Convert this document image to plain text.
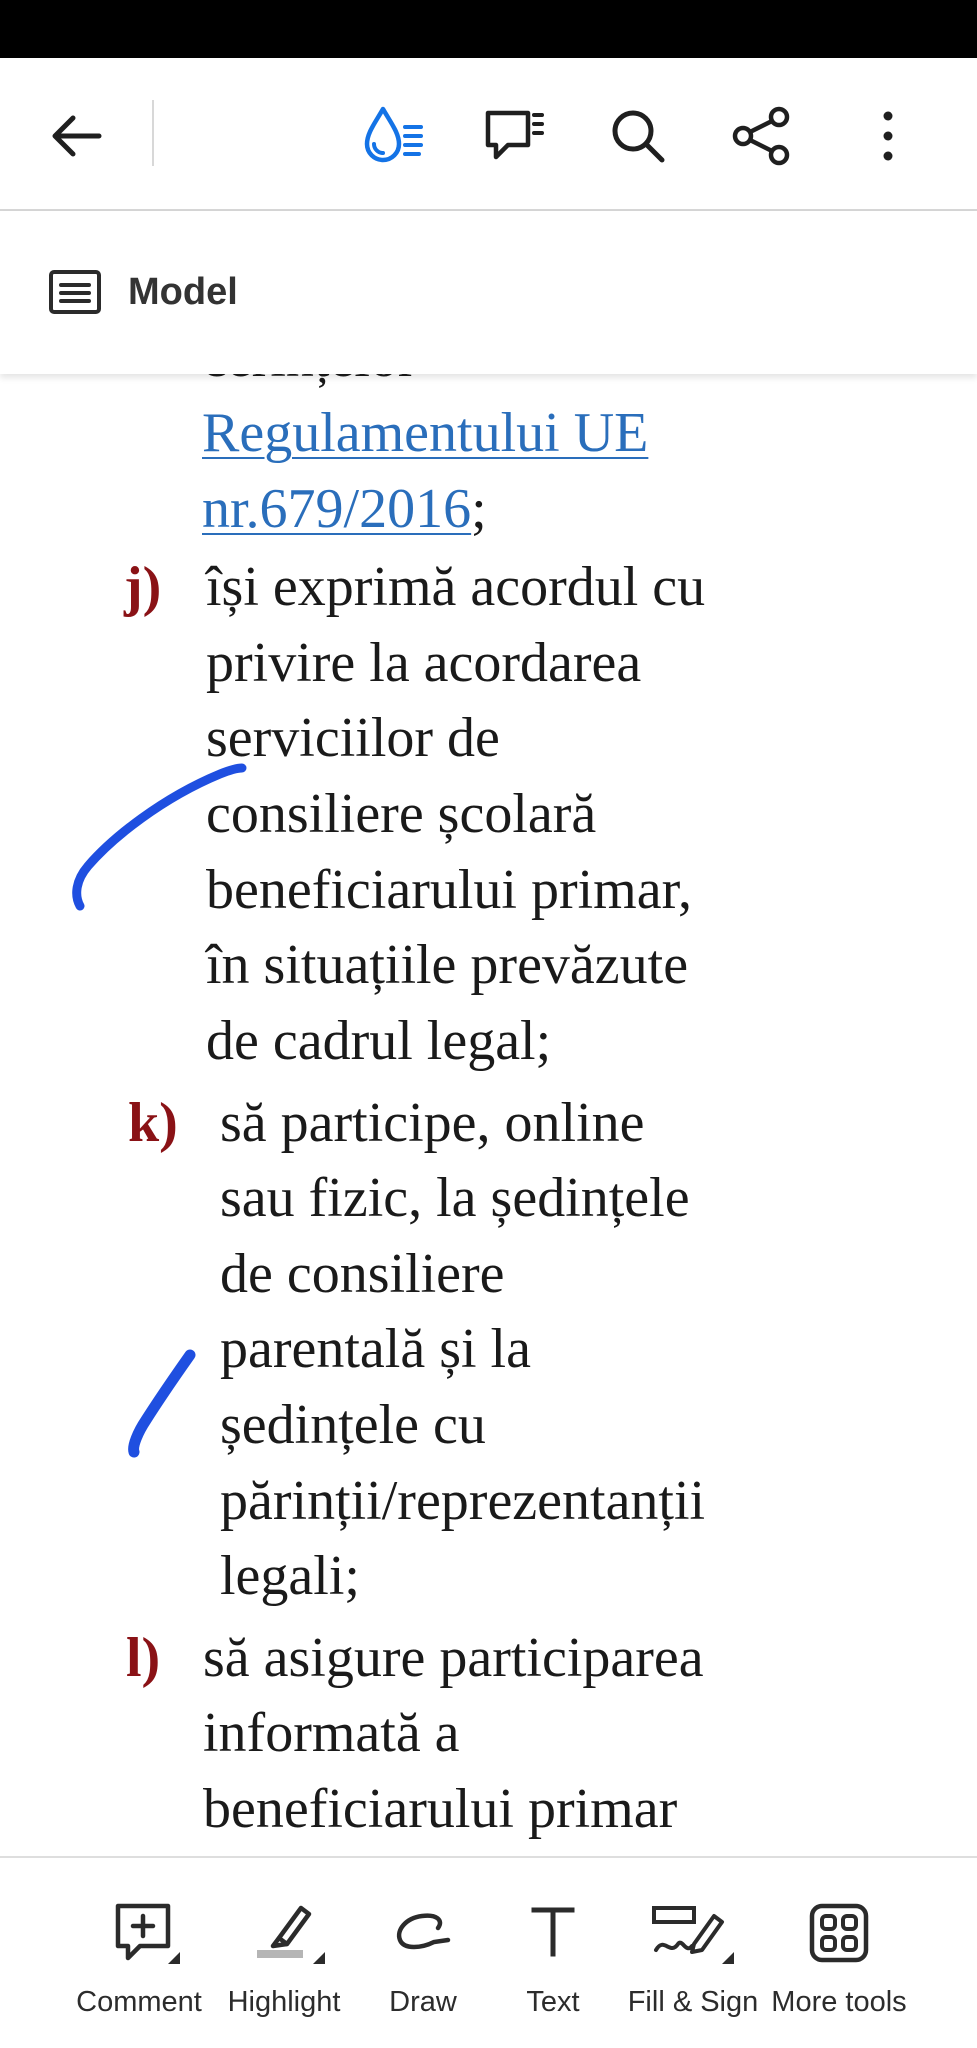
Model
Regulamentului UE
nr.679/2016;
își exprimă acordul cu
j)
privire la acordarea
serviciilor de
consiliere școlară
beneficiarului primar,
în situațiile prevăzute
de cadrul legal;
să participe, online
k)
sau fizic, la ședințele
de consiliere
parentală și la
ședințele cu
părinții/reprezentanții
legali;
să asigure participarea
l)
informată a
beneficiarului primar
Comment Highlight	Draw	Text	Fill & Sign More tools
